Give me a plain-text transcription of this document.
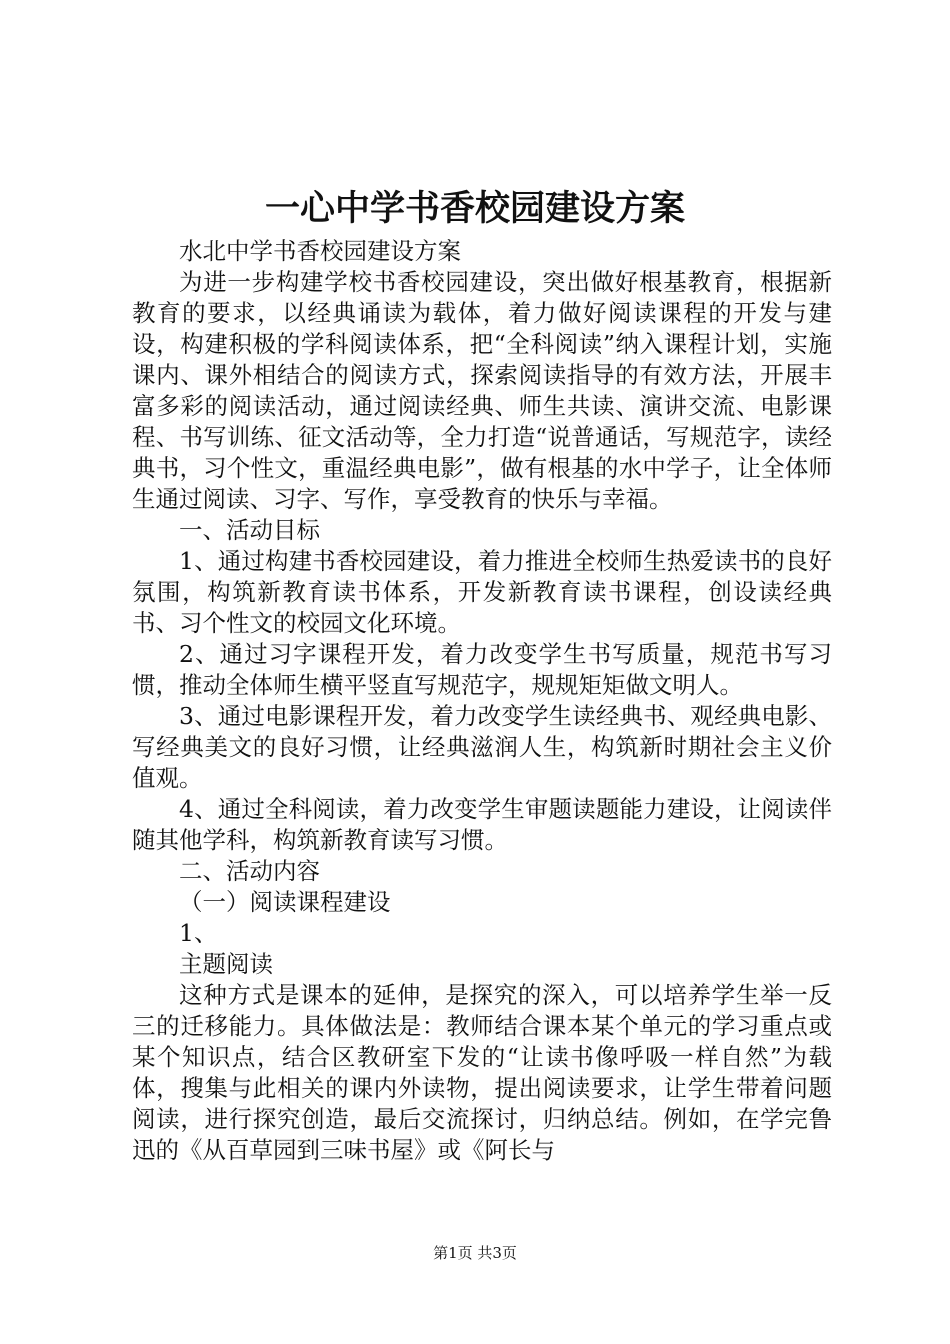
一心中学书香校园建设方案

水北中学书香校园建设方案

为进一步构建学校书香校园建设，突出做好根基教育，根据新教育的要求，以经典诵读为载体，着力做好阅读课程的开发与建设，构建积极的学科阅读体系，把“全科阅读”纳入课程计划，实施课内、课外相结合的阅读方式，探索阅读指导的有效方法，开展丰富多彩的阅读活动，通过阅读经典、师生共读、演讲交流、电影课程、书写训练、征文活动等，全力打造“说普通话，写规范字，读经典书，习个性文，重温经典电影”，做有根基的水中学子，让全体师生通过阅读、习字、写作，享受教育的快乐与幸福。

一、活动目标

1、通过构建书香校园建设，着力推进全校师生热爱读书的良好氛围，构筑新教育读书体系，开发新教育读书课程，创设读经典书、习个性文的校园文化环境。

2、通过习字课程开发，着力改变学生书写质量，规范书写习惯，推动全体师生横平竖直写规范字，规规矩矩做文明人。

3、通过电影课程开发，着力改变学生读经典书、观经典电影、写经典美文的良好习惯，让经典滋润人生，构筑新时期社会主义价值观。

4、通过全科阅读，着力改变学生审题读题能力建设，让阅读伴随其他学科，构筑新教育读写习惯。

二、活动内容

（一）阅读课程建设

1、

主题阅读

这种方式是课本的延伸，是探究的深入，可以培养学生举一反三的迁移能力。具体做法是：教师结合课本某个单元的学习重点或某个知识点，结合区教研室下发的“让读书像呼吸一样自然”为载体，搜集与此相关的课内外读物，提出阅读要求，让学生带着问题阅读，进行探究创造，最后交流探讨，归纳总结。例如，在学完鲁迅的《从百草园到三味书屋》或《阿长与

第1页 共3页
